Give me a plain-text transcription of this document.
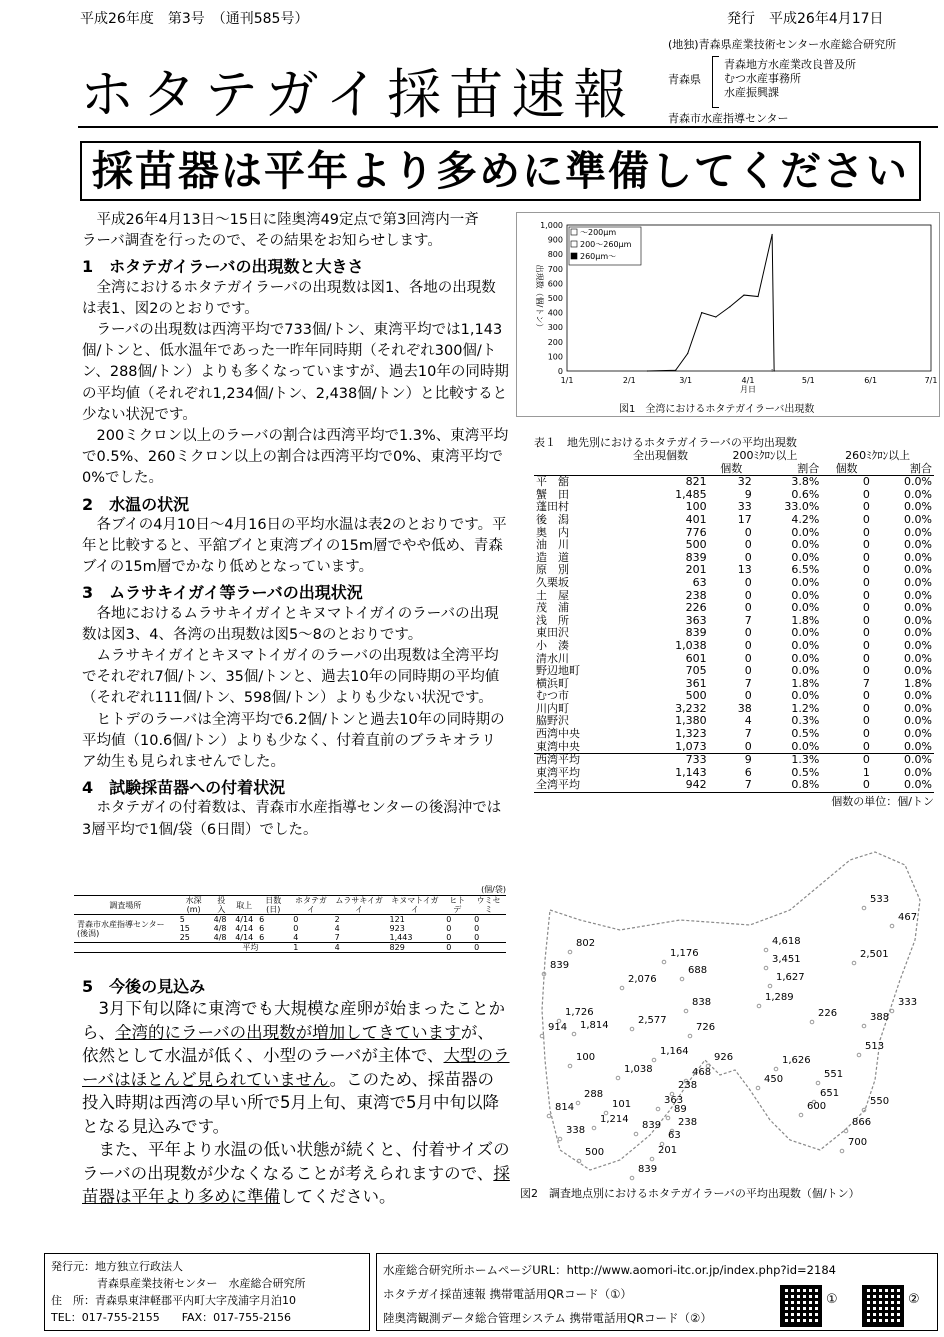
平成26年度　第3号　（通刊585号）	発行　平成26年4月17日
ホタテガイ採苗速報
(地独)青森県産業技術センター水産総合研究所
青森県
青森地方水産業改良普及所
むつ水産事務所
水産振興課
青森市水産指導センター
採苗器は平年より多めに準備してください

　平成26年4月13日～15日に陸奥湾49定点で第3回湾内一斉

ラーバ調査を行ったので、その結果をお知らせします。

1　ホタテガイラーバの出現数と大きさ

全湾におけるホタテガイラーバの出現数は図1、各地の出現数は表1、図2のとおりです。

ラーバの出現数は西湾平均で733個/トン、東湾平均では1,143個/トンと、低水温年であった一昨年同時期（それぞれ300個/トン、288個/トン）よりも多くなっていますが、過去10年の同時期の平均値（それぞれ1,234個/トン、2,438個/トン）と比較すると少ない状況です。

200ミクロン以上のラーバの割合は西湾平均で1.3%、東湾平均で0.5%、260ミクロン以上の割合は西湾平均で0%、東湾平均で0%でした。

2　水温の状況

各ブイの4月10日～4月16日の平均水温は表2のとおりです。平年と比較すると、平舘ブイと東湾ブイの15m層でやや低め、青森ブイの15m層でかなり低めとなっています。

3　ムラサキイガイ等ラーバの出現状況

各地におけるムラサキイガイとキヌマトイガイのラーバの出現数は図3、4、各湾の出現数は図5～8のとおりです。

ムラサキイガイとキヌマトイガイのラーバの出現数は全湾平均でそれぞれ7個/トン、35個/トンと、過去10年の同時期の平均値（それぞれ111個/トン、598個/トン）よりも少ない状況です。

ヒトデのラーバは全湾平均で6.2個/トンと過去10年の同時期の平均値（10.6個/トン）よりも少なく、付着直前のブラキオラリア幼生も見られませんでした。

4　試験採苗器への付着状況

ホタテガイの付着数は、青森市水産指導センターの後潟沖では3層平均で1個/袋（6日間）でした。

(個/袋)
調査場所	水深(m)	投入	取上	日数(日)	ホタテガイ	ムラサキイガイ	キヌマトイガイ	ヒトデ	ウミセミ
青森市水産指導センター(後潟)	5	4/8	4/14	6	0	2	121	0	0
	15	4/8	4/14	6	0	4	923	0	0
	25	4/8	4/14	6	4	7	1,443	0	0
		平均			1	4	829	0	0
5　今後の見込み

3月下旬以降に東湾でも大規模な産卵が始まったことから、全湾的にラーバの出現数が増加してきていますが、依然として水温が低く、小型のラーバが主体で、大型のラーバはほとんど見られていません。このため、採苗器の投入時期は西湾の早い所で5月上旬、東湾で5月中旬以降となる見込みです。

また、平年より水温の低い状態が続くと、付着サイズのラーバの出現数が少なくなることが考えられますので、採苗器は平年より多めに準備してください。

0
100
200
300
400
500
600
700
800
900
1,000
1/1	2/1	3/1	4/1	5/1	6/1	7/1
月日
出現数（個/トン）
～200μm
200～260μm
260μm～
図1　全湾におけるホタテガイラーバ出現数
表１　地先別におけるホタテガイラーバの平均出現数
	全出現個数	200ﾐｸﾛﾝ以上		260ﾐｸﾛﾝ以上	
		個数	割合	個数	割合
平　舘	821	32	3.8%	0	0.0%
蟹　田	1,485	9	0.6%	0	0.0%
蓬田村	100	33	33.0%	0	0.0%
後　潟	401	17	4.2%	0	0.0%
奥　内	776	0	0.0%	0	0.0%
油　川	500	0	0.0%	0	0.0%
造　道	839	0	0.0%	0	0.0%
原　別	201	13	6.5%	0	0.0%
久栗坂	63	0	0.0%	0	0.0%
土　屋	238	0	0.0%	0	0.0%
茂　浦	226	0	0.0%	0	0.0%
浅　所	363	7	1.8%	0	0.0%
東田沢	839	0	0.0%	0	0.0%
小　湊	1,038	0	0.0%	0	0.0%
清水川	601	0	0.0%	0	0.0%
野辺地町	705	0	0.0%	0	0.0%
横浜町	361	7	1.8%	7	1.8%
むつ市	500	0	0.0%	0	0.0%
川内町	3,232	38	1.2%	0	0.0%
脇野沢	1,380	4	0.3%	0	0.0%
西湾中央	1,323	7	0.5%	0	0.0%
東湾中央	1,073	0	0.0%	0	0.0%
西湾平均	733	9	1.3%	0	0.0%
東湾平均	1,143	6	0.5%	1	0.0%
全湾平均	942	7	0.8%	0	0.0%
個数の単位：個/トン
533
467
802
839
1,176
4,618
3,451
1,627
2,501
2,076
688
838	1,289	333
226	388
1,726
914 1,814	2,577
726
513
100
1,164
926	1,626
1,038	468
238
450	551
288
363
651
600	550
814	101	89
1,214
839 238	866
338	63
700
500	201
839
図2　調査地点別におけるホタテガイラーバの平均出現数（個/トン）
発行元：地方独立行政法人
青森県産業技術センター　水産総合研究所
住　所：青森県東津軽郡平内町大字茂浦字月泊10
TEL：017-755-2155　　FAX：017-755-2156
水産総合研究所ホームページURL：http://www.aomori-itc.or.jp/index.php?id=2184
ホタテガイ採苗速報 携帯電話用QRコード（①）
陸奥湾観測データ総合管理システム 携帯電話用QRコード（②）
①	②
